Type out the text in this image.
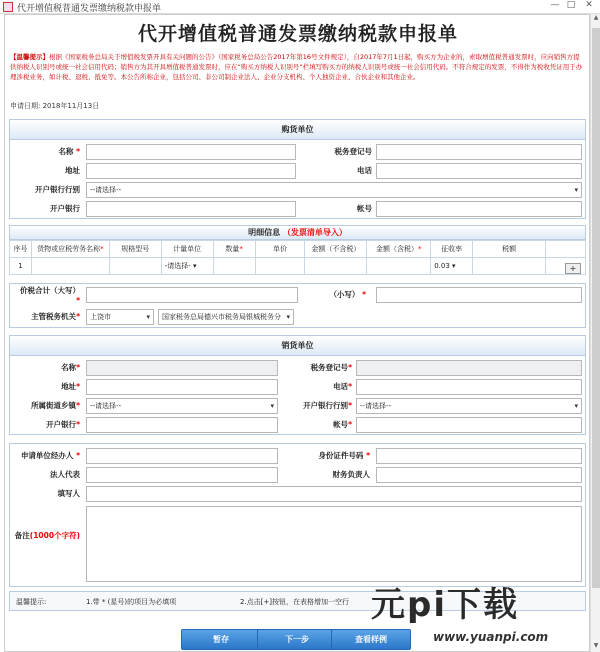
代开增值税普通发票缴纳税款申报单	— □	✕
代开增值税普通发票缴纳税款申报单
【温馨提示】根据《国家税务总局关于增值税发票开具有关问题的公告》（国家税务总局公告2017年第16号文件规定），自2017年7月1日起，购买方为企业的，索取增值税普通发票时，应向销售方提供纳税人识别号或统一社会信用代码；销售方为其开具增值税普通发票时，应在“购买方纳税人识别号”栏填写购买方的纳税人识别号或统一社会信用代码。不符合规定的发票，不得作为税收凭证用于办理涉税业务，如计税、退税、抵免等。本公告所称企业，包括公司、非公司制企业法人、企业分支机构、个人独资企业、合伙企业和其他企业。
申请日期: 2018年11月13日
购货单位
名称 *	税务登记号
地址	电话
开户银行行别	--请选择-- ▾
开户银行	帐号
明细信息 （发票清单导入）
序号	货物或应税劳务名称*	规格型号	计量单位	数量*	单价	金额（不含税）	金额（含税）*	征收率	税额	
1			-请选择- ▾					0.03 ▾			+
价税合计（大写）
*
（小写） *
主管税务机关*	上饶市 ▾	国家税务总局德兴市税务局银城税务分 ▾
销货单位
名称*	税务登记号*
地址*	电话*
所属街道乡镇*	--请选择-- ▾	开户银行行别*	--请选择-- ▾
开户银行*	帐号*
申请单位经办人 *	身份证件号码 *
法人代表	财务负责人
填写人
备注(1000个字符)
温馨提示:	1.带 * (星号)的项目为必填项	2.点击[+]按钮，在表格增加一空行
暂存	下一步	查看样例
元pi下载
www.yuanpi.com
▲
▼
